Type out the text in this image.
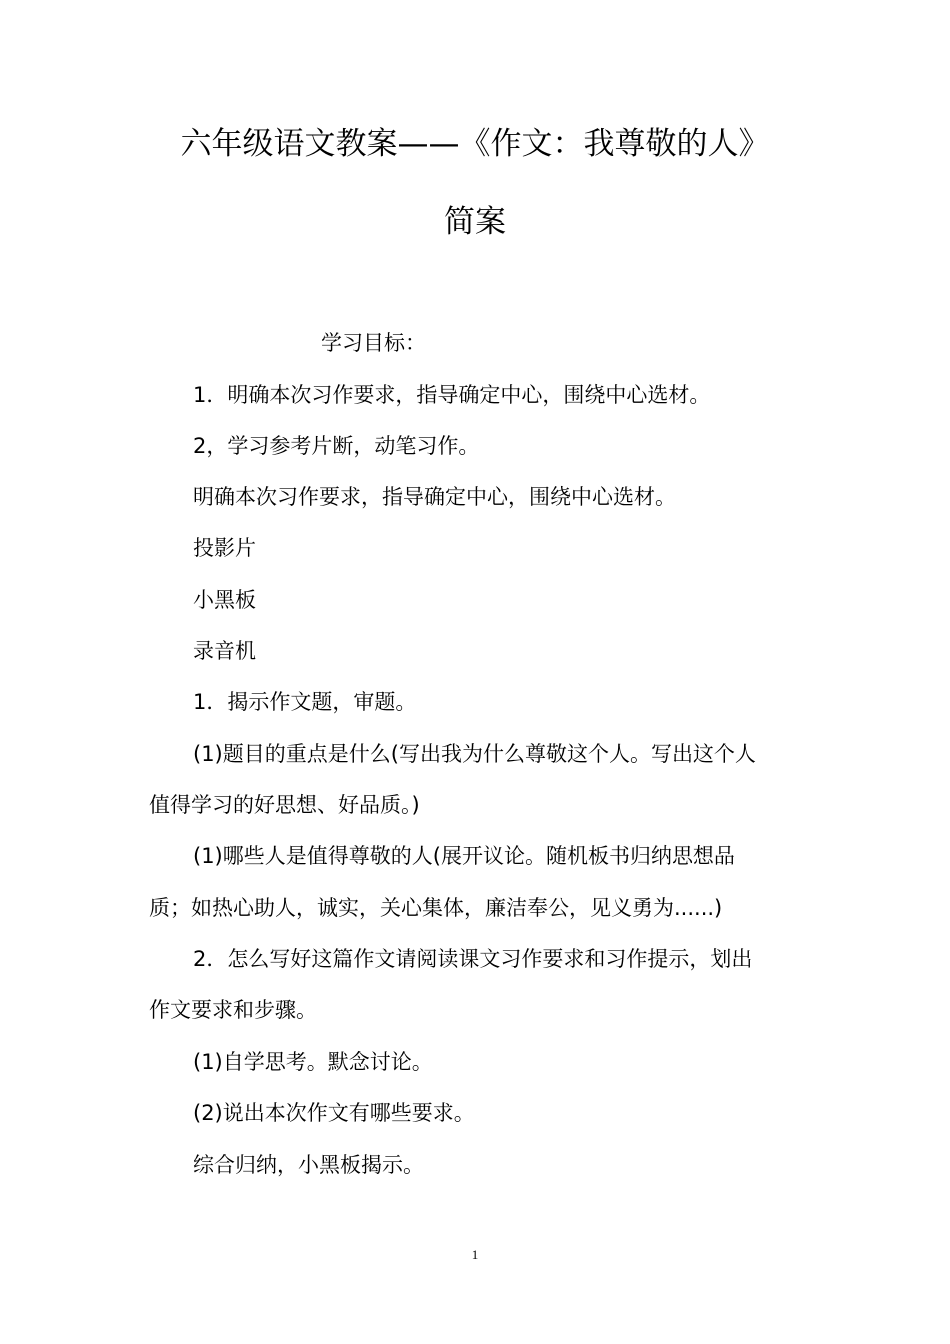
六年级语文教案——《作文：我尊敬的人》
简案
学习目标：
1．明确本次习作要求，指导确定中心，围绕中心选材。
2，学习参考片断，动笔习作。
明确本次习作要求，指导确定中心，围绕中心选材。
投影片
小黑板
录音机
1．揭示作文题，审题。
(1)题目的重点是什么(写出我为什么尊敬这个人。写出这个人
值得学习的好思想、好品质。)
(1)哪些人是值得尊敬的人(展开议论。随机板书归纳思想品
质；如热心助人，诚实，关心集体，廉洁奉公，见义勇为......)
2．怎么写好这篇作文请阅读课文习作要求和习作提示，划出
作文要求和步骤。
(1)自学思考。默念讨论。
(2)说出本次作文有哪些要求。
综合归纳，小黑板揭示。
1
